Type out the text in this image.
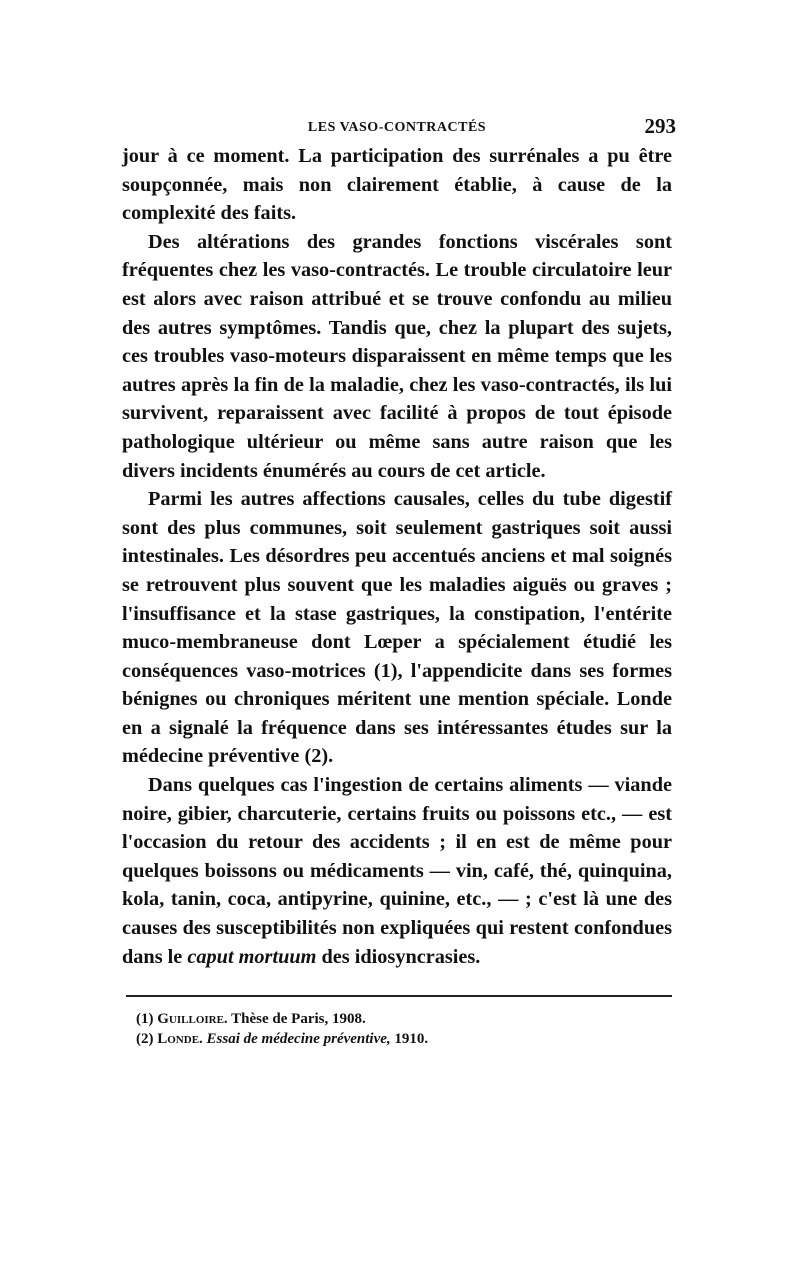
LES VASO-CONTRACTÉS	293

jour à ce moment. La participation des surrénales a pu être soupçonnée, mais non clairement établie, à cause de la complexité des faits.

Des altérations des grandes fonctions viscérales sont fréquentes chez les vaso-contractés. Le trouble circulatoire leur est alors avec raison attribué et se trouve confondu au milieu des autres symptômes. Tandis que, chez la plupart des sujets, ces troubles vaso-moteurs disparaissent en même temps que les autres après la fin de la maladie, chez les vaso-contractés, ils lui survivent, reparaissent avec facilité à propos de tout épisode pathologique ultérieur ou même sans autre raison que les divers incidents énumérés au cours de cet article.

Parmi les autres affections causales, celles du tube digestif sont des plus communes, soit seulement gastriques soit aussi intestinales. Les désordres peu accentués anciens et mal soignés se retrouvent plus souvent que les maladies aiguës ou graves ; l'insuffisance et la stase gastriques, la constipation, l'entérite muco-membraneuse dont Lœper a spécialement étudié les conséquences vaso-motrices (1), l'appendicite dans ses formes bénignes ou chroniques méritent une mention spéciale. Londe en a signalé la fréquence dans ses intéressantes études sur la médecine préventive (2).

Dans quelques cas l'ingestion de certains aliments — viande noire, gibier, charcuterie, certains fruits ou poissons etc., — est l'occasion du retour des accidents ; il en est de même pour quelques boissons ou médicaments — vin, café, thé, quinquina, kola, tanin, coca, antipyrine, quinine, etc., — ; c'est là une des causes des susceptibilités non expliquées qui restent confondues dans le caput mortuum des idiosyncrasies.

(1) Guilloire. Thèse de Paris, 1908.
(2) Londe. Essai de médecine préventive, 1910.
